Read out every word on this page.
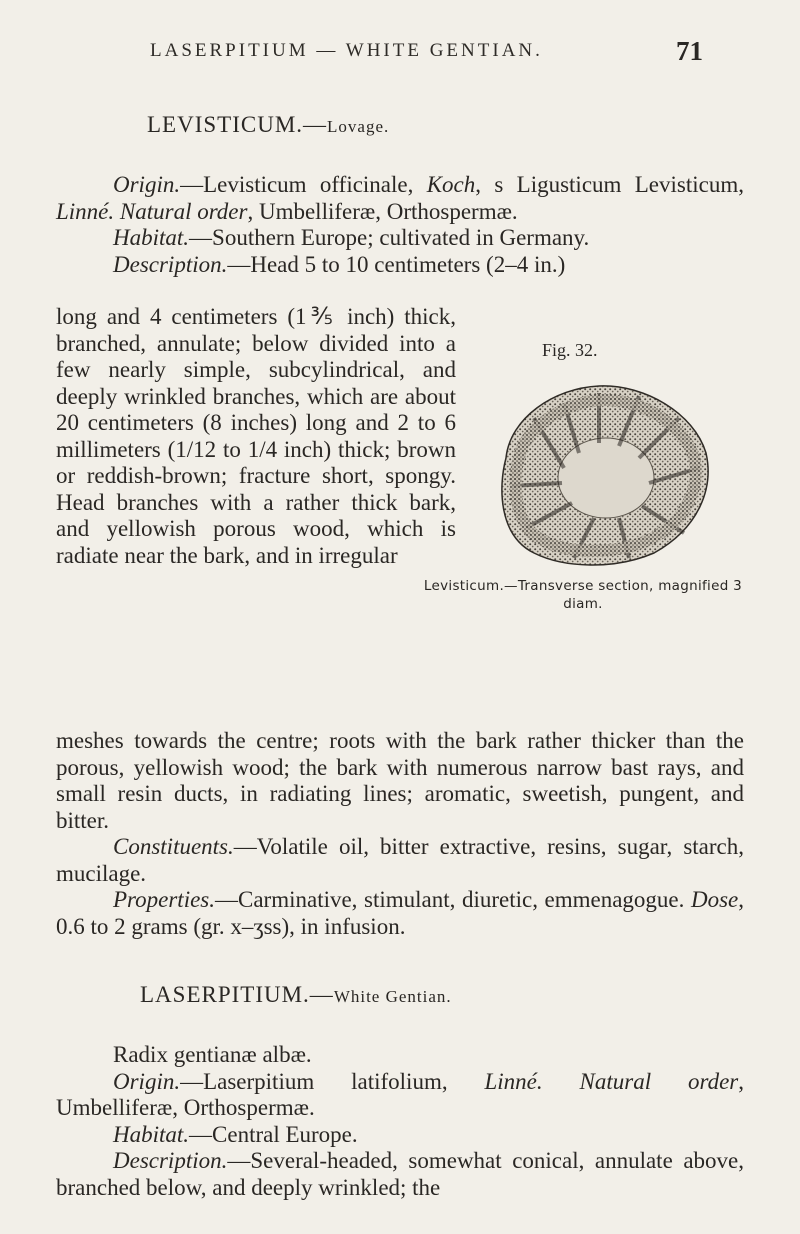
LASERPITIUM — WHITE GENTIAN.	71
LEVISTICUM.—Lovage.

Origin.—Levisticum officinale, Koch, s Ligusticum Levisticum, Linné. Natural order, Umbelliferæ, Orthospermæ.

Habitat.—Southern Europe; cultivated in Germany.

Description.—Head 5 to 10 centimeters (2–4 in.)

long and 4 centimeters (1⅗ inch) thick, branched, annulate; below divided into a few nearly simple, subcylindrical, and deeply wrinkled branches, which are about 20 centimeters (8 inches) long and 2 to 6 millimeters (1/12 to 1/4 inch) thick; brown or reddish-brown; fracture short, spongy. Head branches with a rather thick bark, and yellowish porous wood, which is radiate near the bark, and in irregular

Fig. 32.
Levisticum.—Transverse section, magnified 3 diam.

meshes towards the centre; roots with the bark rather thicker than the porous, yellowish wood; the bark with numerous narrow bast rays, and small resin ducts, in radiating lines; aromatic, sweetish, pungent, and bitter.

Constituents.—Volatile oil, bitter extractive, resins, sugar, starch, mucilage.

Properties.—Carminative, stimulant, diuretic, emmenagogue. Dose, 0.6 to 2 grams (gr. x–ʒss), in infusion.

LASERPITIUM.—White Gentian.

Radix gentianæ albæ.

Origin.—Laserpitium latifolium, Linné. Natural order, Umbelliferæ, Orthospermæ.

Habitat.—Central Europe.

Description.—Several-headed, somewhat conical, annulate above, branched below, and deeply wrinkled; the
